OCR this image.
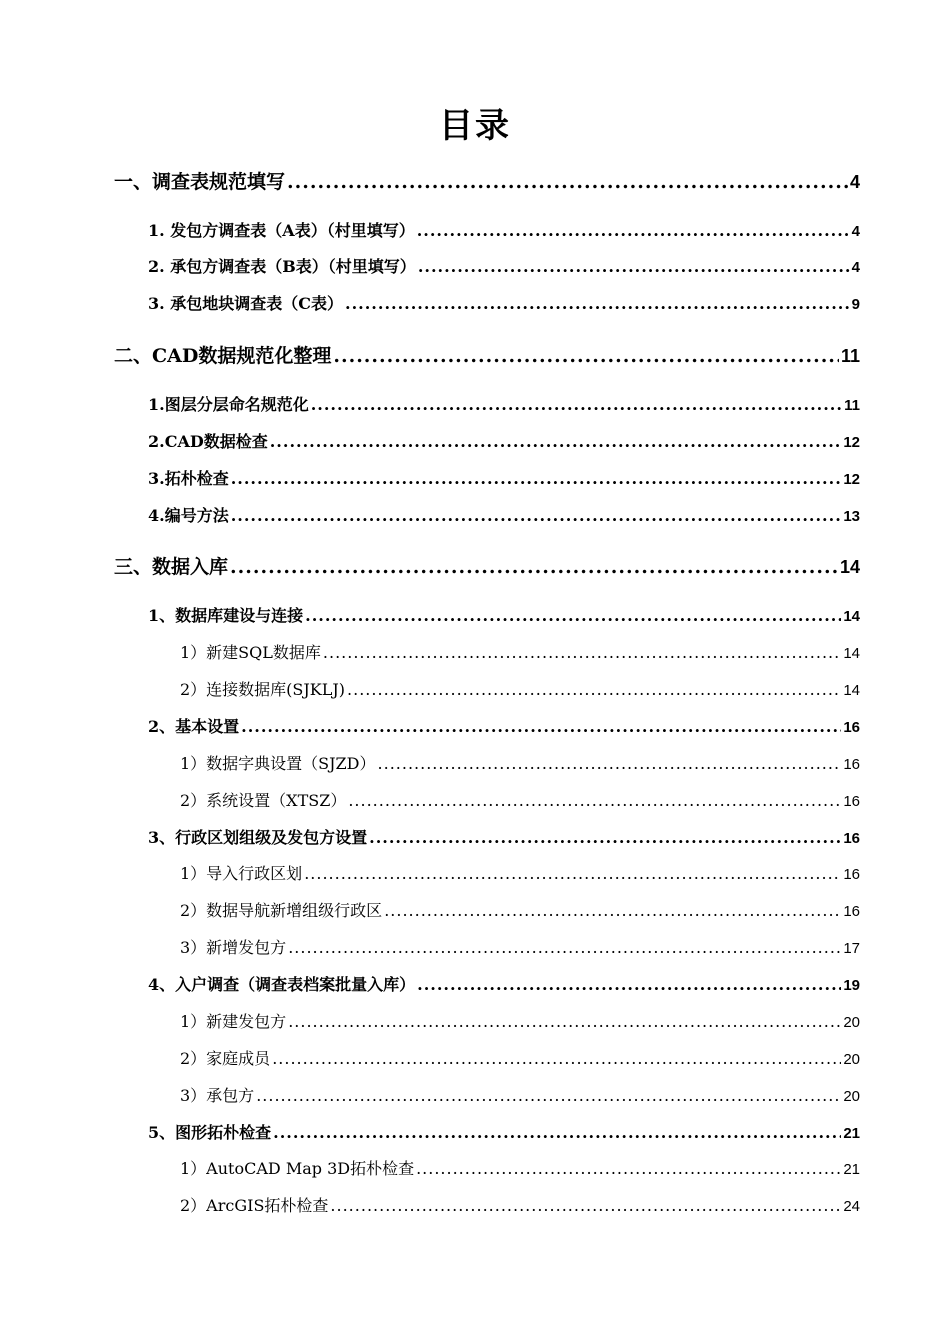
目录
一、调查表规范填写 .....	4
1. 发包方调查表（A表）（村里填写） .....	4
2. 承包方调查表（B表）（村里填写） .....	4
3. 承包地块调查表（C表） .....	9
二、CAD数据规范化整理 .....	11
1.图层分层命名规范化 .....	11
2.CAD数据检查 .....	12
3.拓朴检查 .....	12
4.编号方法 .....	13
三、数据入库 .....	14
1、数据库建设与连接 .....	14
1）新建SQL数据库 .....	14
2）连接数据库(SJKLJ) .....	14
2、基本设置 .....	16
1）数据字典设置（SJZD） .....	16
2）系统设置（XTSZ） .....	16
3、行政区划组级及发包方设置 .....	16
1）导入行政区划 .....	16
2）数据导航新增组级行政区 .....	16
3）新增发包方 .....	17
4、入户调查（调查表档案批量入库） .....	19
1）新建发包方 .....	20
2）家庭成员 .....	20
3）承包方 .....	20
5、图形拓朴检查 .....	21
1）AutoCAD Map 3D拓朴检查 .....	21
2）ArcGIS拓朴检查 .....	24
